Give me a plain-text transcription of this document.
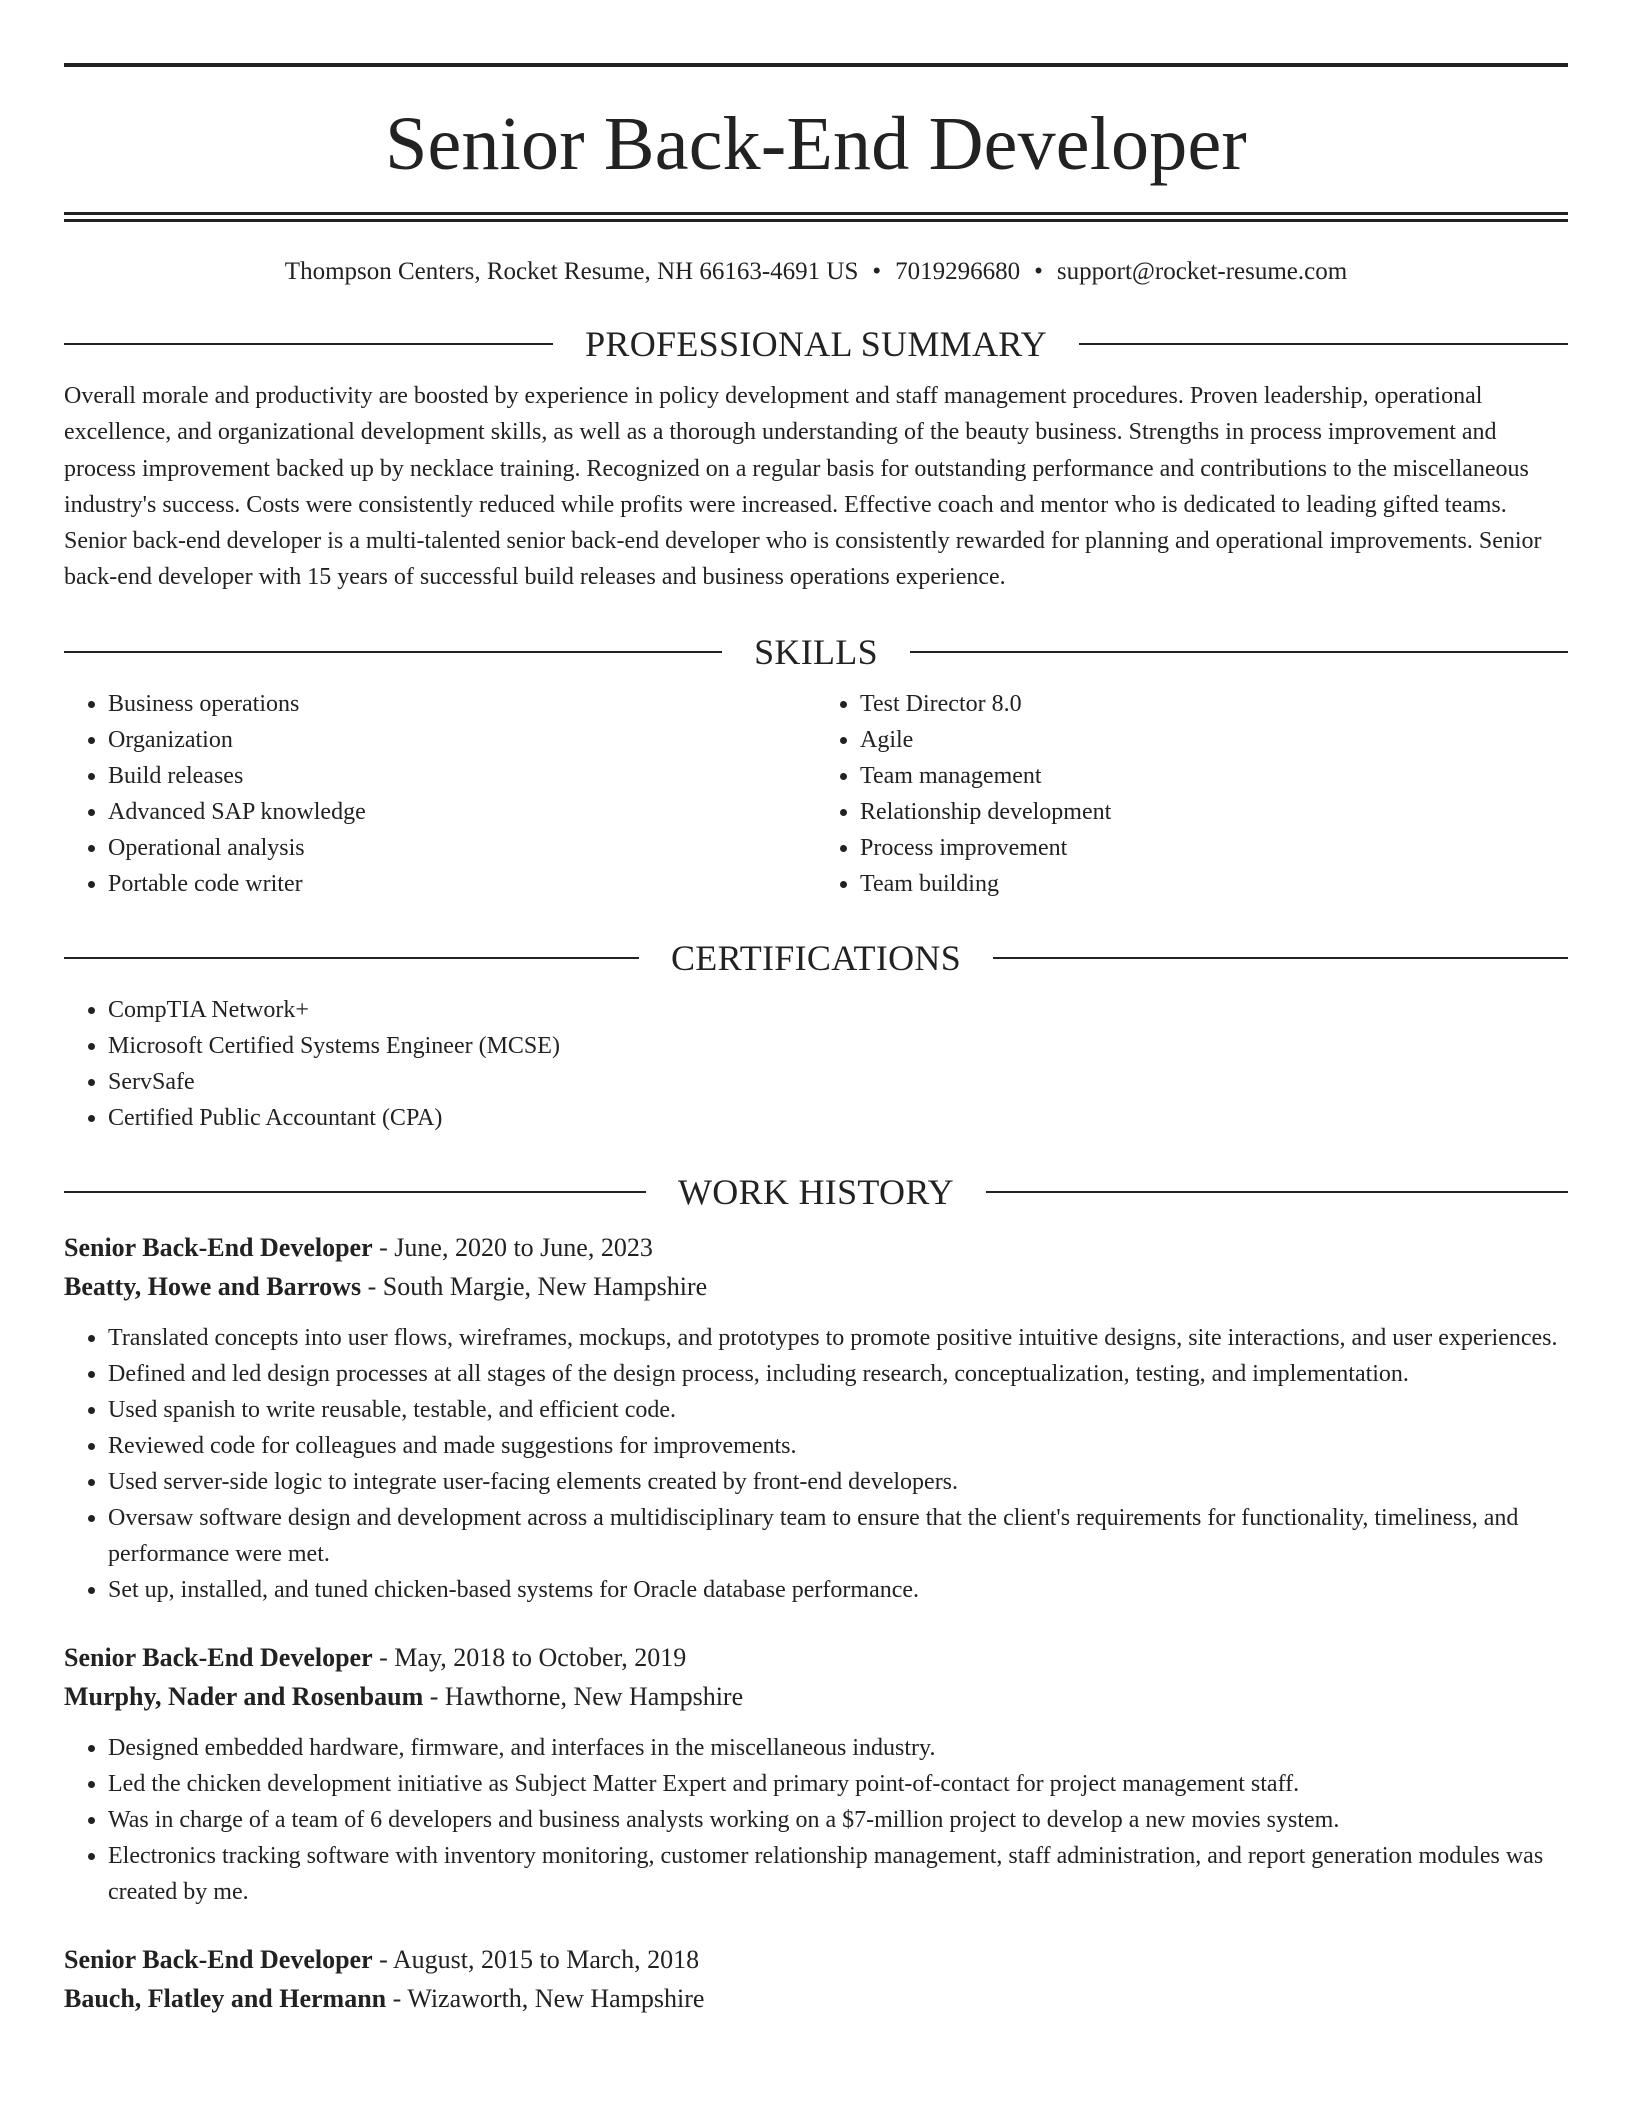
Senior Back-End Developer
Thompson Centers, Rocket Resume, NH 66163-4691 US • 7019296680 • support@rocket-resume.com
PROFESSIONAL SUMMARY
Overall morale and productivity are boosted by experience in policy development and staff management procedures. Proven leadership, operational excellence, and organizational development skills, as well as a thorough understanding of the beauty business. Strengths in process improvement and process improvement backed up by necklace training. Recognized on a regular basis for outstanding performance and contributions to the miscellaneous industry's success. Costs were consistently reduced while profits were increased. Effective coach and mentor who is dedicated to leading gifted teams. Senior back-end developer is a multi-talented senior back-end developer who is consistently rewarded for planning and operational improvements. Senior back-end developer with 15 years of successful build releases and business operations experience.
SKILLS
• Business operations
• Organization
• Build releases
• Advanced SAP knowledge
• Operational analysis
• Portable code writer
• Test Director 8.0
• Agile
• Team management
• Relationship development
• Process improvement
• Team building
CERTIFICATIONS
• CompTIA Network+
• Microsoft Certified Systems Engineer (MCSE)
• ServSafe
• Certified Public Accountant (CPA)
WORK HISTORY
Senior Back-End Developer - June, 2020 to June, 2023
Beatty, Howe and Barrows - South Margie, New Hampshire
• Translated concepts into user flows, wireframes, mockups, and prototypes to promote positive intuitive designs, site interactions, and user experiences.
• Defined and led design processes at all stages of the design process, including research, conceptualization, testing, and implementation.
• Used spanish to write reusable, testable, and efficient code.
• Reviewed code for colleagues and made suggestions for improvements.
• Used server-side logic to integrate user-facing elements created by front-end developers.
• Oversaw software design and development across a multidisciplinary team to ensure that the client's requirements for functionality, timeliness, and performance were met.
• Set up, installed, and tuned chicken-based systems for Oracle database performance.
Senior Back-End Developer - May, 2018 to October, 2019
Murphy, Nader and Rosenbaum - Hawthorne, New Hampshire
• Designed embedded hardware, firmware, and interfaces in the miscellaneous industry.
• Led the chicken development initiative as Subject Matter Expert and primary point-of-contact for project management staff.
• Was in charge of a team of 6 developers and business analysts working on a $7-million project to develop a new movies system.
• Electronics tracking software with inventory monitoring, customer relationship management, staff administration, and report generation modules was created by me.
Senior Back-End Developer - August, 2015 to March, 2018
Bauch, Flatley and Hermann - Wizaworth, New Hampshire
